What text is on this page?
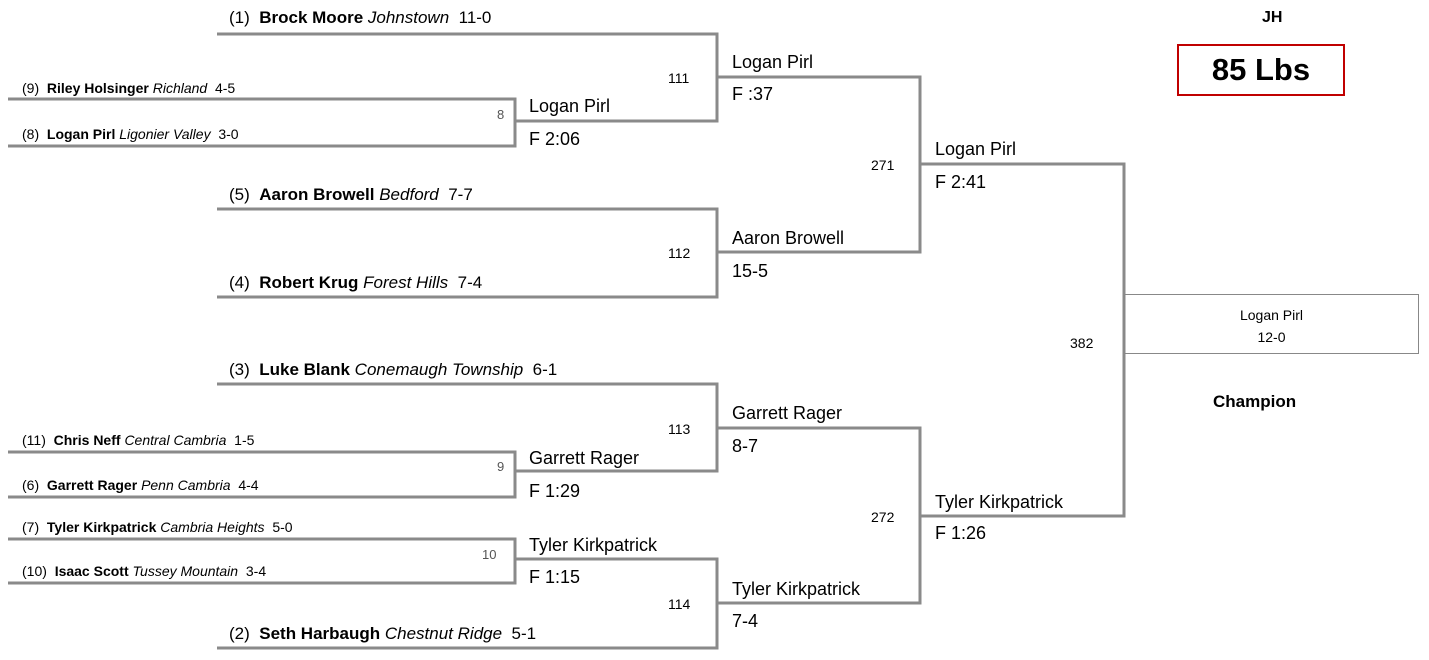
JH
85 Lbs
(1) Brock Moore Johnstown 11-0
(9) Riley Holsinger Richland 4-5
(8) Logan Pirl Ligonier Valley 3-0
(5) Aaron Browell Bedford 7-7
(4) Robert Krug Forest Hills 7-4
(3) Luke Blank Conemaugh Township 6-1
(11) Chris Neff Central Cambria 1-5
(6) Garrett Rager Penn Cambria 4-4
(7) Tyler Kirkpatrick Cambria Heights 5-0
(10) Isaac Scott Tussey Mountain 3-4
(2) Seth Harbaugh Chestnut Ridge 5-1
8 Logan Pirl
F 2:06
9 Garrett Rager
F 1:29
10 Tyler Kirkpatrick
F 1:15
111
Logan Pirl
F :37
112
Aaron Browell
15-5
113
Garrett Rager
8-7
114
Tyler Kirkpatrick
7-4
271
Logan Pirl
F 2:41
272
Tyler Kirkpatrick
F 1:26
382
Logan Pirl
12-0
Champion
